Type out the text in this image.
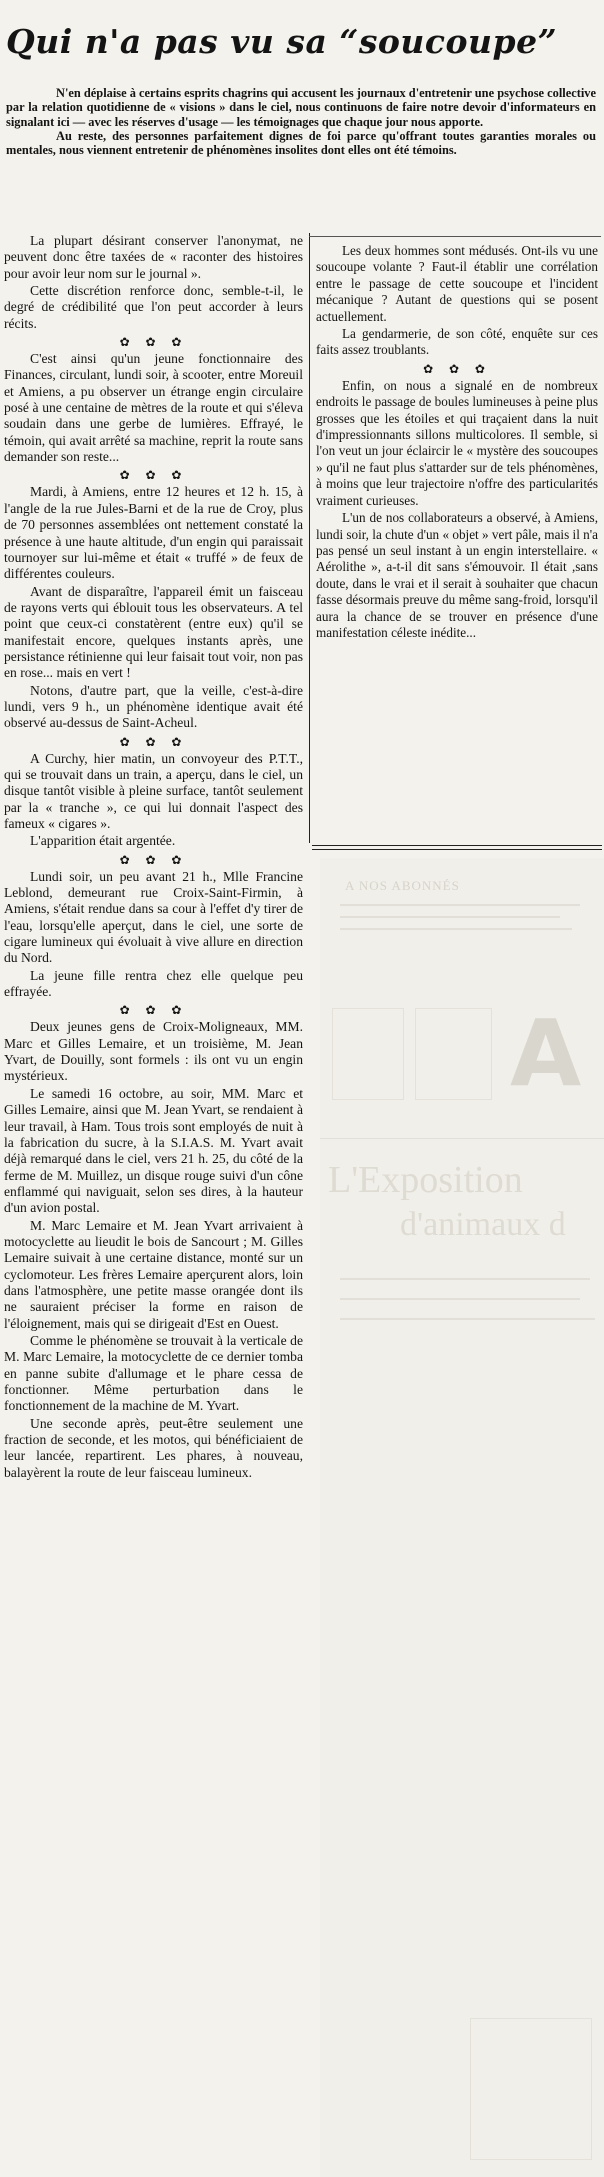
Qui n'a pas vu sa “soucoupe”

N'en déplaise à certains esprits chagrins qui accusent les journaux d'entretenir une psychose collective par la relation quotidienne de « visions » dans le ciel, nous continuons de faire notre devoir d'informateurs en signalant ici — avec les réserves d'usage — les témoignages que chaque jour nous apporte.

Au reste, des personnes parfaitement dignes de foi parce qu'offrant toutes garanties morales ou mentales, nous viennent entretenir de phénomènes insolites dont elles ont été témoins.

La plupart désirant conserver l'anonymat, ne peuvent donc être taxées de « raconter des histoires pour avoir leur nom sur le journal ».

Cette discrétion renforce donc, semble-t-il, le degré de crédibilité que l'on peut accorder à leurs récits.

✿ ✿ ✿

C'est ainsi qu'un jeune fonctionnaire des Finances, circulant, lundi soir, à scooter, entre Moreuil et Amiens, a pu observer un étrange engin circulaire posé à une centaine de mètres de la route et qui s'éleva soudain dans une gerbe de lumières. Effrayé, le témoin, qui avait arrêté sa machine, reprit la route sans demander son reste...

✿ ✿ ✿

Mardi, à Amiens, entre 12 heures et 12 h. 15, à l'angle de la rue Jules-Barni et de la rue de Croy, plus de 70 personnes assemblées ont nettement constaté la présence à une haute altitude, d'un engin qui paraissait tournoyer sur lui-même et était « truffé » de feux de différentes couleurs.

Avant de disparaître, l'appareil émit un faisceau de rayons verts qui éblouit tous les observateurs. A tel point que ceux-ci constatèrent (entre eux) qu'il se manifestait encore, quelques instants après, une persistance rétinienne qui leur faisait tout voir, non pas en rose... mais en vert !

Notons, d'autre part, que la veille, c'est-à-dire lundi, vers 9 h., un phénomène identique avait été observé au-dessus de Saint-Acheul.

✿ ✿ ✿

A Curchy, hier matin, un convoyeur des P.T.T., qui se trouvait dans un train, a aperçu, dans le ciel, un disque tantôt visible à pleine surface, tantôt seulement par la « tranche », ce qui lui donnait l'aspect des fameux « cigares ».

L'apparition était argentée.

✿ ✿ ✿

Lundi soir, un peu avant 21 h., Mlle Francine Leblond, demeurant rue Croix-Saint-Firmin, à Amiens, s'était rendue dans sa cour à l'effet d'y tirer de l'eau, lorsqu'elle aperçut, dans le ciel, une sorte de cigare lumineux qui évoluait à vive allure en direction du Nord.

La jeune fille rentra chez elle quelque peu effrayée.

✿ ✿ ✿

Deux jeunes gens de Croix-Moligneaux, MM. Marc et Gilles Lemaire, et un troisième, M. Jean Yvart, de Douilly, sont formels : ils ont vu un engin mystérieux.

Le samedi 16 octobre, au soir, MM. Marc et Gilles Lemaire, ainsi que M. Jean Yvart, se rendaient à leur travail, à Ham. Tous trois sont employés de nuit à la fabrication du sucre, à la S.I.A.S. M. Yvart avait déjà remarqué dans le ciel, vers 21 h. 25, du côté de la ferme de M. Muillez, un disque rouge suivi d'un cône enflammé qui naviguait, selon ses dires, à la hauteur d'un avion postal.

M. Marc Lemaire et M. Jean Yvart arrivaient à motocyclette au lieudit le bois de Sancourt ; M. Gilles Lemaire suivait à une certaine distance, monté sur un cyclomoteur. Les frères Lemaire aperçurent alors, loin dans l'atmosphère, une petite masse orangée dont ils ne sauraient préciser la forme en raison de l'éloignement, mais qui se dirigeait d'Est en Ouest.

Comme le phénomène se trouvait à la verticale de M. Marc Lemaire, la motocyclette de ce dernier tomba en panne subite d'allumage et le phare cessa de fonctionner. Même perturbation dans le fonctionnement de la machine de M. Yvart.

Une seconde après, peut-être seulement une fraction de seconde, et les motos, qui bénéficiaient de leur lancée, repartirent. Les phares, à nouveau, balayèrent la route de leur faisceau lumineux.

Les deux hommes sont médusés. Ont-ils vu une soucoupe volante ? Faut-il établir une corrélation entre le passage de cette soucoupe et l'incident mécanique ? Autant de questions qui se posent actuellement.

La gendarmerie, de son côté, enquête sur ces faits assez troublants.

✿ ✿ ✿

Enfin, on nous a signalé en de nombreux endroits le passage de boules lumineuses à peine plus grosses que les étoiles et qui traçaient dans la nuit d'impressionnants sillons multicolores. Il semble, si l'on veut un jour éclaircir le « mystère des soucoupes » qu'il ne faut plus s'attarder sur de tels phénomènes, à moins que leur trajectoire n'offre des particularités vraiment curieuses.

L'un de nos collaborateurs a observé, à Amiens, lundi soir, la chute d'un « objet » vert pâle, mais il n'a pas pensé un seul instant à un engin interstellaire. « Aérolithe », a-t-il dit sans s'émouvoir. Il était ,sans doute, dans le vrai et il serait à souhaiter que chacun fasse désormais preuve du même sang-froid, lorsqu'il aura la chance de se trouver en présence d'une manifestation céleste inédite...

A NOS ABONNÉS
A
L'Exposition
d'animaux d
